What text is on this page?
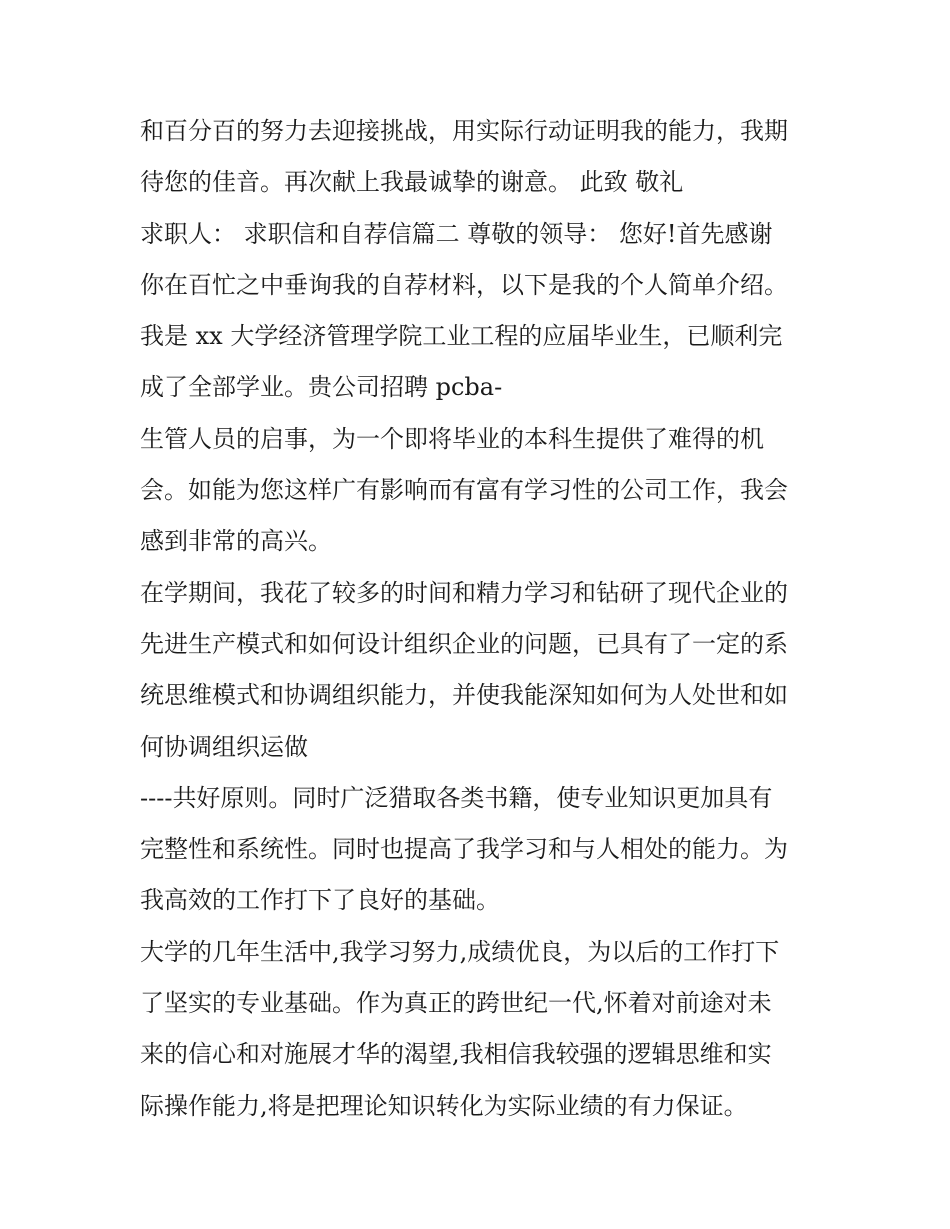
和百分百的努力去迎接挑战，用实际行动证明我的能力，我期
待您的佳音。再次献上我最诚挚的谢意。 此致 敬礼
求职人： 求职信和自荐信篇二 尊敬的领导： 您好!首先感谢
你在百忙之中垂询我的自荐材料，以下是我的个人简单介绍。
我是 xx 大学经济管理学院工业工程的应届毕业生，已顺利完
成了全部学业。贵公司招聘 pcba-
生管人员的启事，为一个即将毕业的本科生提供了难得的机
会。如能为您这样广有影响而有富有学习性的公司工作，我会
感到非常的高兴。
在学期间，我花了较多的时间和精力学习和钻研了现代企业的
先进生产模式和如何设计组织企业的问题，已具有了一定的系
统思维模式和协调组织能力，并使我能深知如何为人处世和如
何协调组织运做
----共好原则。同时广泛猎取各类书籍，使专业知识更加具有
完整性和系统性。同时也提高了我学习和与人相处的能力。为
我高效的工作打下了良好的基础。
大学的几年生活中,我学习努力,成绩优良，为以后的工作打下
了坚实的专业基础。作为真正的跨世纪一代,怀着对前途对未
来的信心和对施展才华的渴望,我相信我较强的逻辑思维和实
际操作能力,将是把理论知识转化为实际业绩的有力保证。
